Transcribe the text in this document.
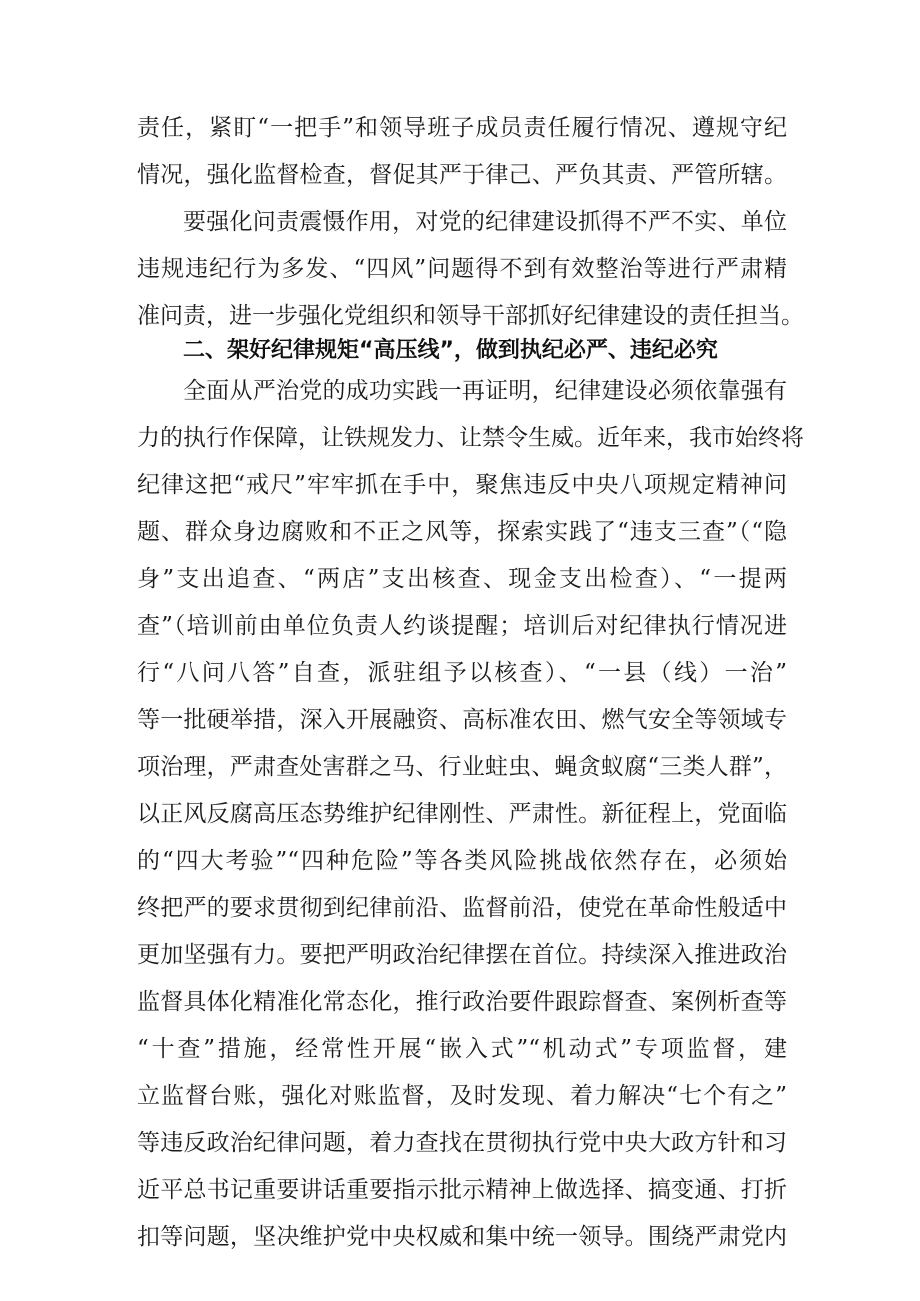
责任，紧盯“一把手”和领导班子成员责任履行情况、遵规守纪
情况，强化监督检查，督促其严于律己、严负其责、严管所辖。
要强化问责震慑作用，对党的纪律建设抓得不严不实、单位
违规违纪行为多发、“四风”问题得不到有效整治等进行严肃精
准问责，进一步强化党组织和领导干部抓好纪律建设的责任担当。
二、架好纪律规矩“高压线”，做到执纪必严、违纪必究
全面从严治党的成功实践一再证明，纪律建设必须依靠强有
力的执行作保障，让铁规发力、让禁令生威。近年来，我市始终将
纪律这把“戒尺”牢牢抓在手中，聚焦违反中央八项规定精神问
题、群众身边腐败和不正之风等，探索实践了“违支三查”（“隐
身”支出追查、“两店”支出核查、现金支出检查）、“一提两
查”（培训前由单位负责人约谈提醒；培训后对纪律执行情况进
行“八问八答”自查，派驻组予以核查）、“一县（线）一治”
等一批硬举措，深入开展融资、高标准农田、燃气安全等领域专
项治理，严肃查处害群之马、行业蛀虫、蝇贪蚁腐“三类人群”，
以正风反腐高压态势维护纪律刚性、严肃性。新征程上，党面临
的“四大考验”“四种危险”等各类风险挑战依然存在，必须始
终把严的要求贯彻到纪律前沿、监督前沿，使党在革命性般适中
更加坚强有力。要把严明政治纪律摆在首位。持续深入推进政治
监督具体化精准化常态化，推行政治要件跟踪督查、案例析查等
“十查”措施，经常性开展“嵌入式”“机动式”专项监督，建
立监督台账，强化对账监督，及时发现、着力解决“七个有之”
等违反政治纪律问题，着力查找在贯彻执行党中央大政方针和习
近平总书记重要讲话重要指示批示精神上做选择、搞变通、打折
扣等问题，坚决维护党中央权威和集中统一领导。围绕严肃党内
